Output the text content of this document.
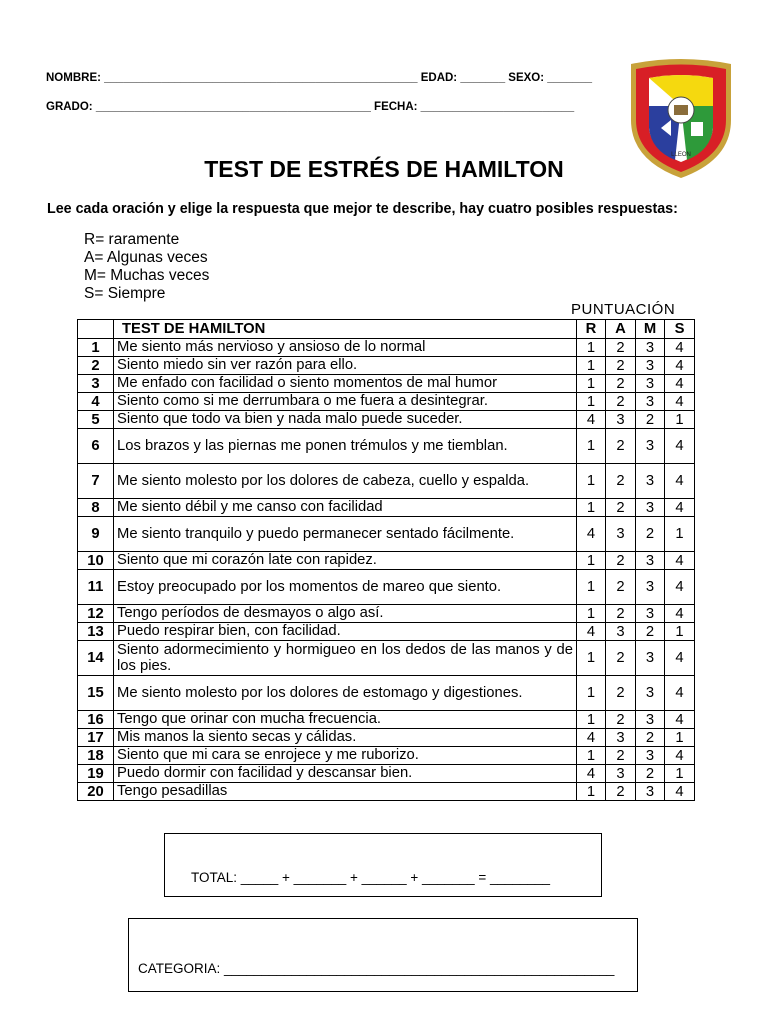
NOMBRE: _________________________________________________ EDAD: _______ SEXO: _______
GRADO: ___________________________________________ FECHA: ________________________
LLEON
TEST DE ESTRÉS DE HAMILTON
Lee cada oración y elige la respuesta que mejor te describe, hay cuatro posibles respuestas:
R= raramente
A= Algunas veces
M= Muchas veces
S= Siempre
PUNTUACIÓN
	TEST DE HAMILTON	R	A	M	S
1	Me siento más nervioso y ansioso de lo normal	1	2	3	4
2	Siento miedo sin ver razón para ello.	1	2	3	4
3	Me enfado con facilidad o siento momentos de mal humor	1	2	3	4
4	Siento como si me derrumbara o me fuera a desintegrar.	1	2	3	4
5	Siento que todo va bien y nada malo puede suceder.	4	3	2	1
6	Los brazos y las piernas me ponen trémulos y me tiemblan.	1	2	3	4
7	Me siento molesto por los dolores de cabeza, cuello y espalda.	1	2	3	4
8	Me siento débil y me canso con facilidad	1	2	3	4
9	Me siento tranquilo y puedo permanecer sentado fácilmente.	4	3	2	1
10	Siento que mi corazón late con rapidez.	1	2	3	4
11	Estoy preocupado por los momentos de mareo que siento.	1	2	3	4
12	Tengo períodos de desmayos o algo así.	1	2	3	4
13	Puedo respirar bien, con facilidad.	4	3	2	1
14	Siento adormecimiento y hormigueo en los dedos de las manos y de los pies.	1	2	3	4
15	Me siento molesto por los dolores de estomago y digestiones.	1	2	3	4
16	Tengo que orinar con mucha frecuencia.	1	2	3	4
17	Mis manos la siento secas y cálidas.	4	3	2	1
18	Siento que mi cara se enrojece y me ruborizo.	1	2	3	4
19	Puedo dormir con facilidad y descansar bien.	4	3	2	1
20	Tengo pesadillas	1	2	3	4
TOTAL: _____ + _______ + ______ + _______ = ________
CATEGORIA: ____________________________________________________
